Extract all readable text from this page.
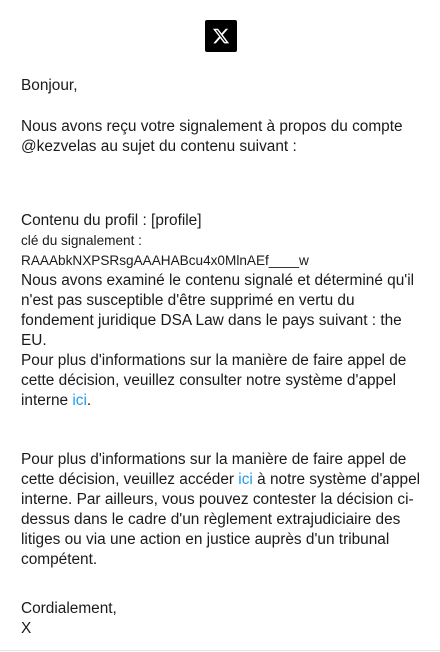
Bonjour,

Nous avons reçu votre signalement à propos du compte @kezvelas au sujet du contenu suivant :

Contenu du profil : [profile]

clé du signalement :

RAAAbkNXPSRsgAAAHABcu4x0MlnAEf____w

Nous avons examiné le contenu signalé et déterminé qu'il n'est pas susceptible d'être supprimé en vertu du fondement juridique DSA Law dans le pays suivant : the EU.

Pour plus d'informations sur la manière de faire appel de cette décision, veuillez consulter notre système d'appel interne ici.

Pour plus d'informations sur la manière de faire appel de cette décision, veuillez accéder ici à notre système d'appel interne. Par ailleurs, vous pouvez contester la décision ci-dessus dans le cadre d'un règlement extrajudiciaire des litiges ou via une action en justice auprès d'un tribunal compétent.

Cordialement,

X
